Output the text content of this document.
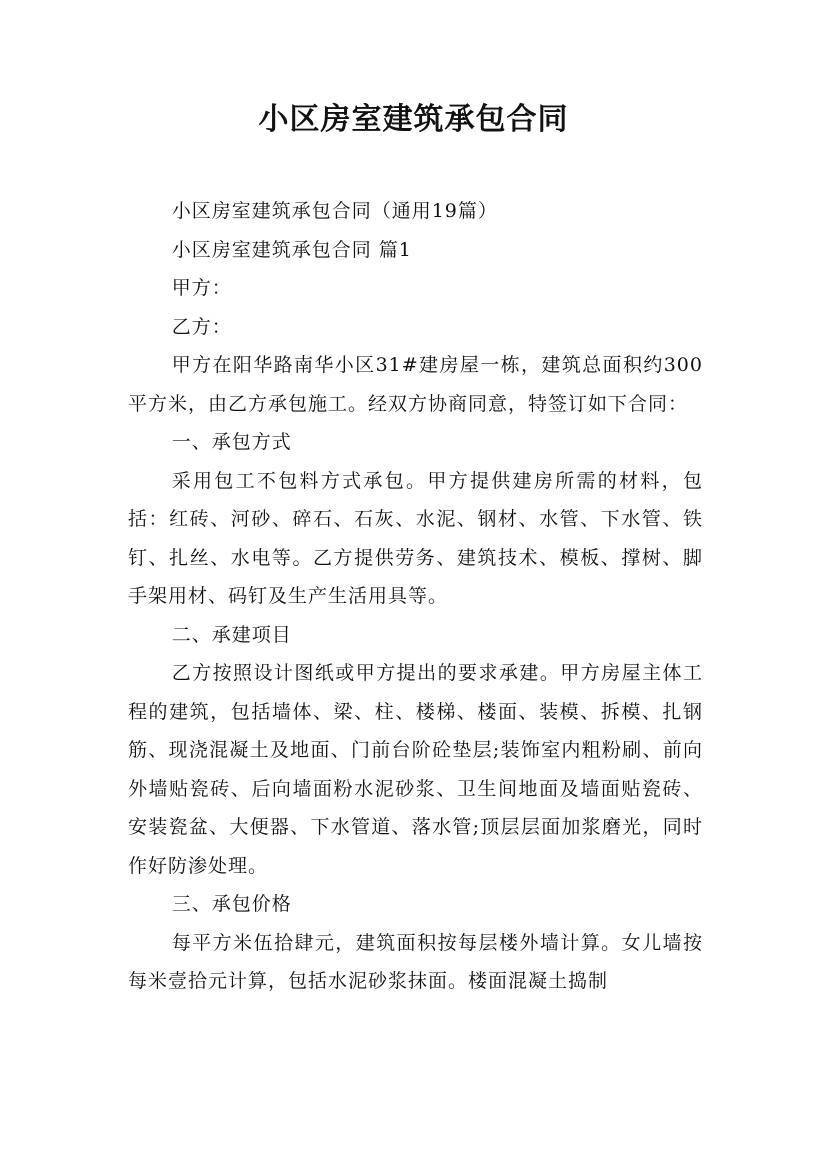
小区房室建筑承包合同

小区房室建筑承包合同（通用19篇）

小区房室建筑承包合同 篇1

甲方：

乙方：

甲方在阳华路南华小区31#建房屋一栋，建筑总面积约300平方米，由乙方承包施工。经双方协商同意，特签订如下合同：

一、承包方式

采用包工不包料方式承包。甲方提供建房所需的材料，包括：红砖、河砂、碎石、石灰、水泥、钢材、水管、下水管、铁钉、扎丝、水电等。乙方提供劳务、建筑技术、模板、撑树、脚手架用材、码钉及生产生活用具等。

二、承建项目

乙方按照设计图纸或甲方提出的要求承建。甲方房屋主体工程的建筑，包括墙体、梁、柱、楼梯、楼面、装模、拆模、扎钢筋、现浇混凝土及地面、门前台阶砼垫层;装饰室内粗粉刷、前向外墙贴瓷砖、后向墙面粉水泥砂浆、卫生间地面及墙面贴瓷砖、安装瓷盆、大便器、下水管道、落水管;顶层层面加浆磨光，同时作好防渗处理。

三、承包价格

每平方米伍拾肆元，建筑面积按每层楼外墙计算。女儿墙按每米壹拾元计算，包括水泥砂浆抹面。楼面混凝土捣制
